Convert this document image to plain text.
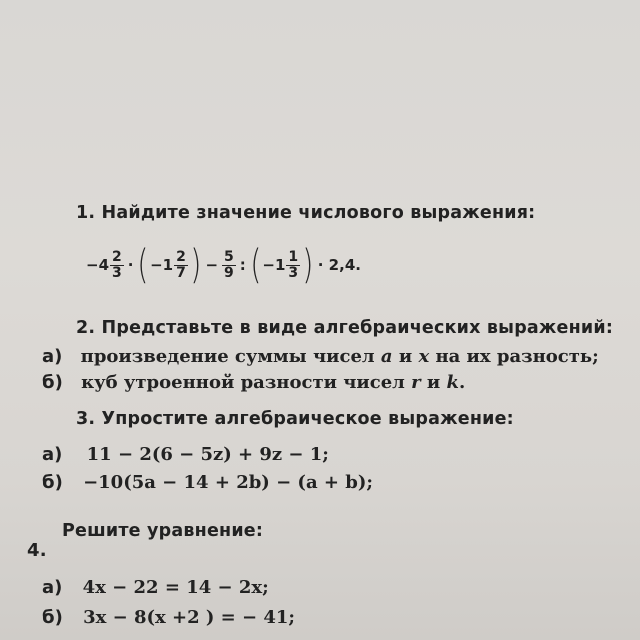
1. Найдите значение числового выражения:
$-4 \frac{2}{3}$ · ( $-1 \frac{2}{7}$ ) − $\frac{5}{9}$ : ( $-1 \frac{1}{3}$ ) · 2,4.
2. Представьте в виде алгебраических выражений:
а) произведение суммы чисел a и x на их разность;
б) куб утроенной разности чисел r и k.
3. Упростите алгебраическое выражение:
а) 11 − 2(6 − 5z) + 9z − 1;
б) −10(5a − 14 + 2b) − (a + b);
Решите уравнение:
4.
а) 4x − 22 = 14 − 2x;
б) 3x − 8(x +2 ) = − 41;
